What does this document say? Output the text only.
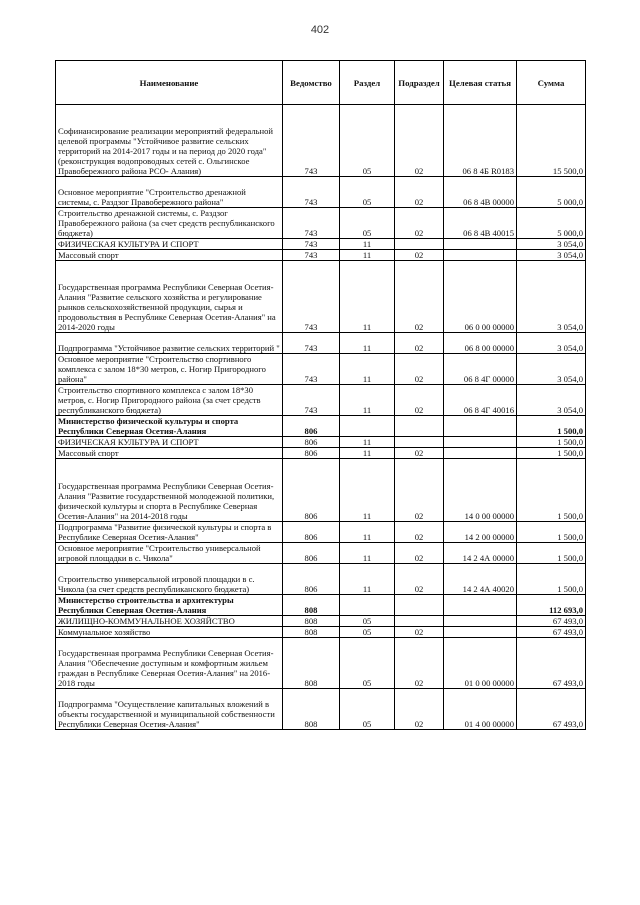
402
Наименование	Ведомство	Раздел	Подраздел	Целевая статья	Сумма
Софинансирование реализации мероприятий федеральной целевой программы "Устойчивое развитие сельских территорий на 2014-2017 годы и на период до 2020 года" (реконструкция водопроводных сетей с. Ольгинское Правобережного района РСО- Алания)	743	05	02	06 8 4Б R0183	15 500,0
Основное мероприятие "Строительство дренажной системы, с. Раздзог Правобережного района"	743	05	02	06 8 4В 00000	5 000,0
Строительство дренажной системы, с. Раздзог Правобережного района (за счет средств республиканского бюджета)	743	05	02	06 8 4В 40015	5 000,0
ФИЗИЧЕСКАЯ КУЛЬТУРА И СПОРТ	743	11			3 054,0
Массовый спорт	743	11	02		3 054,0
Государственная программа Республики Северная Осетия-Алания "Развитие сельского хозяйства и регулирование рынков сельскохозяйственной продукции, сырья и продовольствия в Республике Северная Осетия-Алания" на 2014-2020 годы	743	11	02	06 0 00 00000	3 054,0
Подпрограмма "Устойчивое развитие сельских территорий "	743	11	02	06 8 00 00000	3 054,0
Основное мероприятие "Строительство спортивного комплекса с залом 18*30 метров, с. Ногир Пригородного района"	743	11	02	06 8 4Г 00000	3 054,0
Строительство спортивного комплекса с залом 18*30 метров, с. Ногир Пригородного района (за счет средств республиканского бюджета)	743	11	02	06 8 4Г 40016	3 054,0
Министерство физической культуры и спорта Республики Северная Осетия-Алания	806				1 500,0
ФИЗИЧЕСКАЯ КУЛЬТУРА И СПОРТ	806	11			1 500,0
Массовый спорт	806	11	02		1 500,0
Государственная программа Республики Северная Осетия-Алания "Развитие государственной молодежной политики, физической культуры и спорта в Республике Северная Осетия-Алания" на 2014-2018 годы	806	11	02	14 0 00 00000	1 500,0
Подпрограмма "Развитие физической культуры и спорта в Республике Северная Осетия-Алания"	806	11	02	14 2 00 00000	1 500,0
Основное мероприятие "Строительство универсальной игровой площадки в с. Чикола"	806	11	02	14 2 4А 00000	1 500,0
Строительство универсальной игровой площадки в с. Чикола (за счет средств республиканского бюджета)	806	11	02	14 2 4А 40020	1 500,0
Министерство строительства и архитектуры Республики Северная Осетия-Алания	808				112 693,0
ЖИЛИЩНО-КОММУНАЛЬНОЕ ХОЗЯЙСТВО	808	05			67 493,0
Коммунальное хозяйство	808	05	02		67 493,0
Государственная программа Республики Северная Осетия-Алания "Обеспечение доступным и комфортным жильем граждан в Республике Северная Осетия-Алания" на 2016-2018 годы	808	05	02	01 0 00 00000	67 493,0
Подпрограмма "Осуществление капитальных вложений в объекты государственной и муниципальной собственности Республики Северная Осетия-Алания"	808	05	02	01 4 00 00000	67 493,0
